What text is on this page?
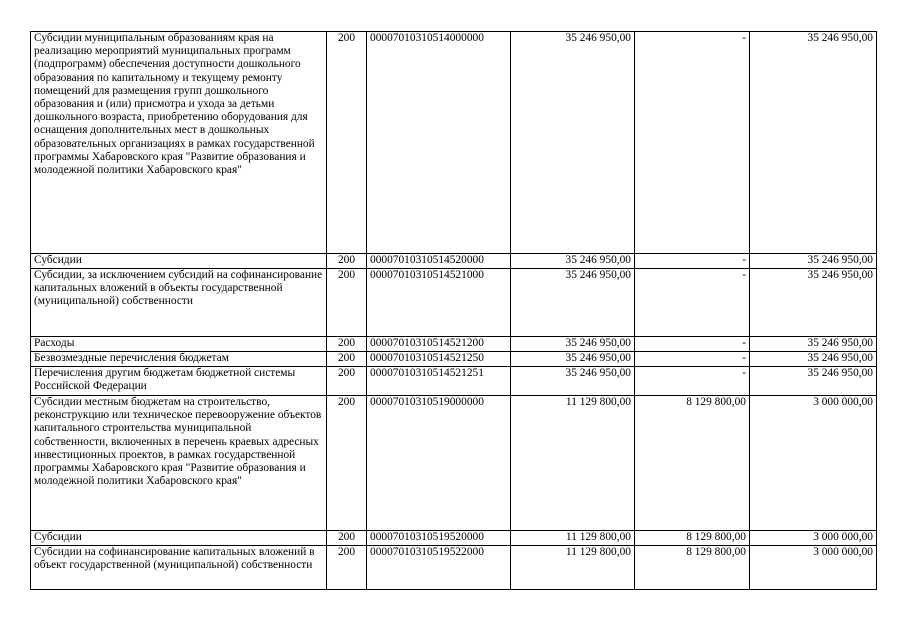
Субсидии муниципальным образованиям края на реализацию мероприятий муниципальных программ (подпрограмм) обеспечения доступности дошкольного образования по капитальному и текущему ремонту помещений для размещения групп дошкольного образования и (или) присмотра и ухода за детьми дошкольного возраста, приобретению оборудования для оснащения дополнительных мест в дошкольных образовательных организациях в рамках государственной программы Хабаровского края "Развитие образования и молодежной политики Хабаровского края"	200	00007010310514000000	35 246 950,00	-	35 246 950,00
Субсидии	200	00007010310514520000	35 246 950,00	-	35 246 950,00
Субсидии, за исключением субсидий на софинансирование капитальных вложений в объекты государственной (муниципальной) собственности	200	00007010310514521000	35 246 950,00	-	35 246 950,00
Расходы	200	00007010310514521200	35 246 950,00	-	35 246 950,00
Безвозмездные перечисления бюджетам	200	00007010310514521250	35 246 950,00	-	35 246 950,00
Перечисления другим бюджетам бюджетной системы Российской Федерации	200	00007010310514521251	35 246 950,00	-	35 246 950,00
Субсидии местным бюджетам на строительство, реконструкцию или техническое перевооружение объектов капитального строительства муниципальной собственности, включенных в перечень краевых адресных инвестиционных проектов, в рамках государственной программы Хабаровского края "Развитие образования и молодежной политики Хабаровского края"	200	00007010310519000000	11 129 800,00	8 129 800,00	3 000 000,00
Субсидии	200	00007010310519520000	11 129 800,00	8 129 800,00	3 000 000,00
Субсидии на софинансирование капитальных вложений в объект государственной (муниципальной) собственности	200	00007010310519522000	11 129 800,00	8 129 800,00	3 000 000,00
